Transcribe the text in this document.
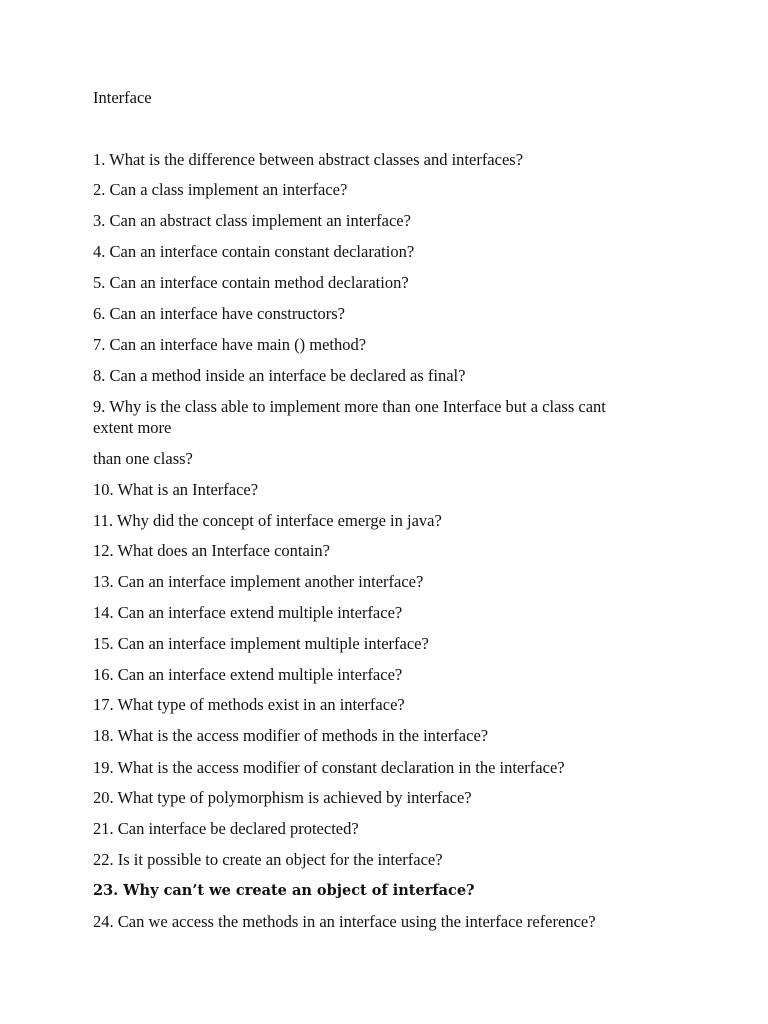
Interface
1. What is the difference between abstract classes and interfaces?
2. Can a class implement an interface?
3. Can an abstract class implement an interface?
4. Can an interface contain constant declaration?
5. Can an interface contain method declaration?
6. Can an interface have constructors?
7. Can an interface have main () method?
8. Can a method inside an interface be declared as final?
9. Why is the class able to implement more than one Interface but a class cant
extent more
than one class?
10. What is an Interface?
11. Why did the concept of interface emerge in java?
12. What does an Interface contain?
13. Can an interface implement another interface?
14. Can an interface extend multiple interface?
15. Can an interface implement multiple interface?
16. Can an interface extend multiple interface?
17. What type of methods exist in an interface?
18. What is the access modifier of methods in the interface?
19. What is the access modifier of constant declaration in the interface?
20. What type of polymorphism is achieved by interface?
21. Can interface be declared protected?
22. Is it possible to create an object for the interface?
23. Why can’t we create an object of interface?
24. Can we access the methods in an interface using the interface reference?
